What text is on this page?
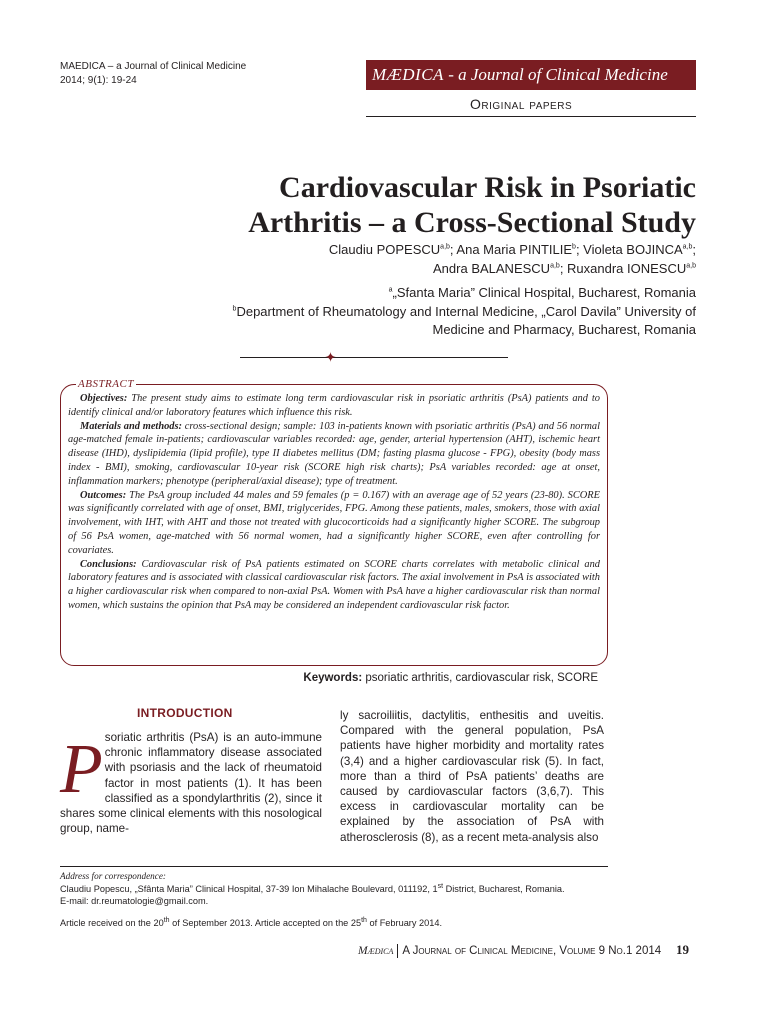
MAEDICA – a Journal of Clinical Medicine
2014; 9(1): 19-24	MÆDICA - a Journal of Clinical Medicine
Original papers
Cardiovascular Risk in Psoriatic
Arthritis – a Cross-Sectional Study
Claudiu POPESCU$^{a,b}$; Ana Maria PINTILIE$^b$; Violeta BOJINCA$^{a,b}$;
Andra BALANESCU$^{a,b}$; Ruxandra IONESCU$^{a,b}$
$^a$„Sfanta Maria” Clinical Hospital, Bucharest, Romania
$^b$Department of Rheumatology and Internal Medicine, „Carol Davila” University of
Medicine and Pharmacy, Bucharest, Romania
✦
ABSTRACT

Objectives: The present study aims to estimate long term cardiovascular risk in psoriatic arthritis (PsA) patients and to identify clinical and/or laboratory features which influence this risk.

Materials and methods: cross-sectional design; sample: 103 in-patients known with psoriatic arthritis (PsA) and 56 normal age-matched female in-patients; cardiovascular variables recorded: age, gender, arterial hypertension (AHT), ischemic heart disease (IHD), dyslipidemia (lipid profile), type II diabetes mellitus (DM; fasting plasma glucose - FPG), obesity (body mass index - BMI), smoking, cardiovascular 10-year risk (SCORE high risk charts); PsA variables recorded: age at onset, inflammation markers; phenotype (peripheral/axial disease); type of treatment.

Outcomes: The PsA group included 44 males and 59 females (p = 0.167) with an average age of 52 years (23-80). SCORE was significantly correlated with age of onset, BMI, triglycerides, FPG. Among these patients, males, smokers, those with axial involvement, with IHT, with AHT and those not treated with glucocorticoids had a significantly higher SCORE. The subgroup of 56 PsA women, age-matched with 56 normal women, had a significantly higher SCORE, even after controlling for covariates.

Conclusions: Cardiovascular risk of PsA patients estimated on SCORE charts correlates with metabolic clinical and laboratory features and is associated with classical cardiovascular risk factors. The axial involvement in PsA is associated with a higher cardiovascular risk when compared to non-axial PsA. Women with PsA have a higher cardiovascular risk than normal women, which sustains the opinion that PsA may be considered an independent cardiovascular risk factor.

Keywords: psoriatic arthritis, cardiovascular risk, SCORE
INTRODUCTION
Psoriatic arthritis (PsA) is an auto-immune chronic inflammatory disease associated with psoriasis and the lack of rheumatoid factor in most patients (1). It has been classified as a spondylarthritis (2), since it shares some clinical elements with this nosological group, name-
ly sacroiliitis, dactylitis, enthesitis and uveitis. Compared with the general population, PsA patients have higher morbidity and mortality rates (3,4) and a higher cardiovascular risk (5). In fact, more than a third of PsA patients’ deaths are caused by cardiovascular factors (3,6,7). This excess in cardiovascular mortality can be explained by the association of PsA with atherosclerosis (8), as a recent meta-analysis also
Address for correspondence:
Claudiu Popescu, „Sfânta Maria” Clinical Hospital, 37-39 Ion Mihalache Boulevard, 011192, 1st District, Bucharest, Romania.
E-mail: dr.reumatologie@gmail.com.
Article received on the 20th of September 2013. Article accepted on the 25th of February 2014.
Mædica A Journal of Clinical Medicine, Volume 9 No.1 2014 19
